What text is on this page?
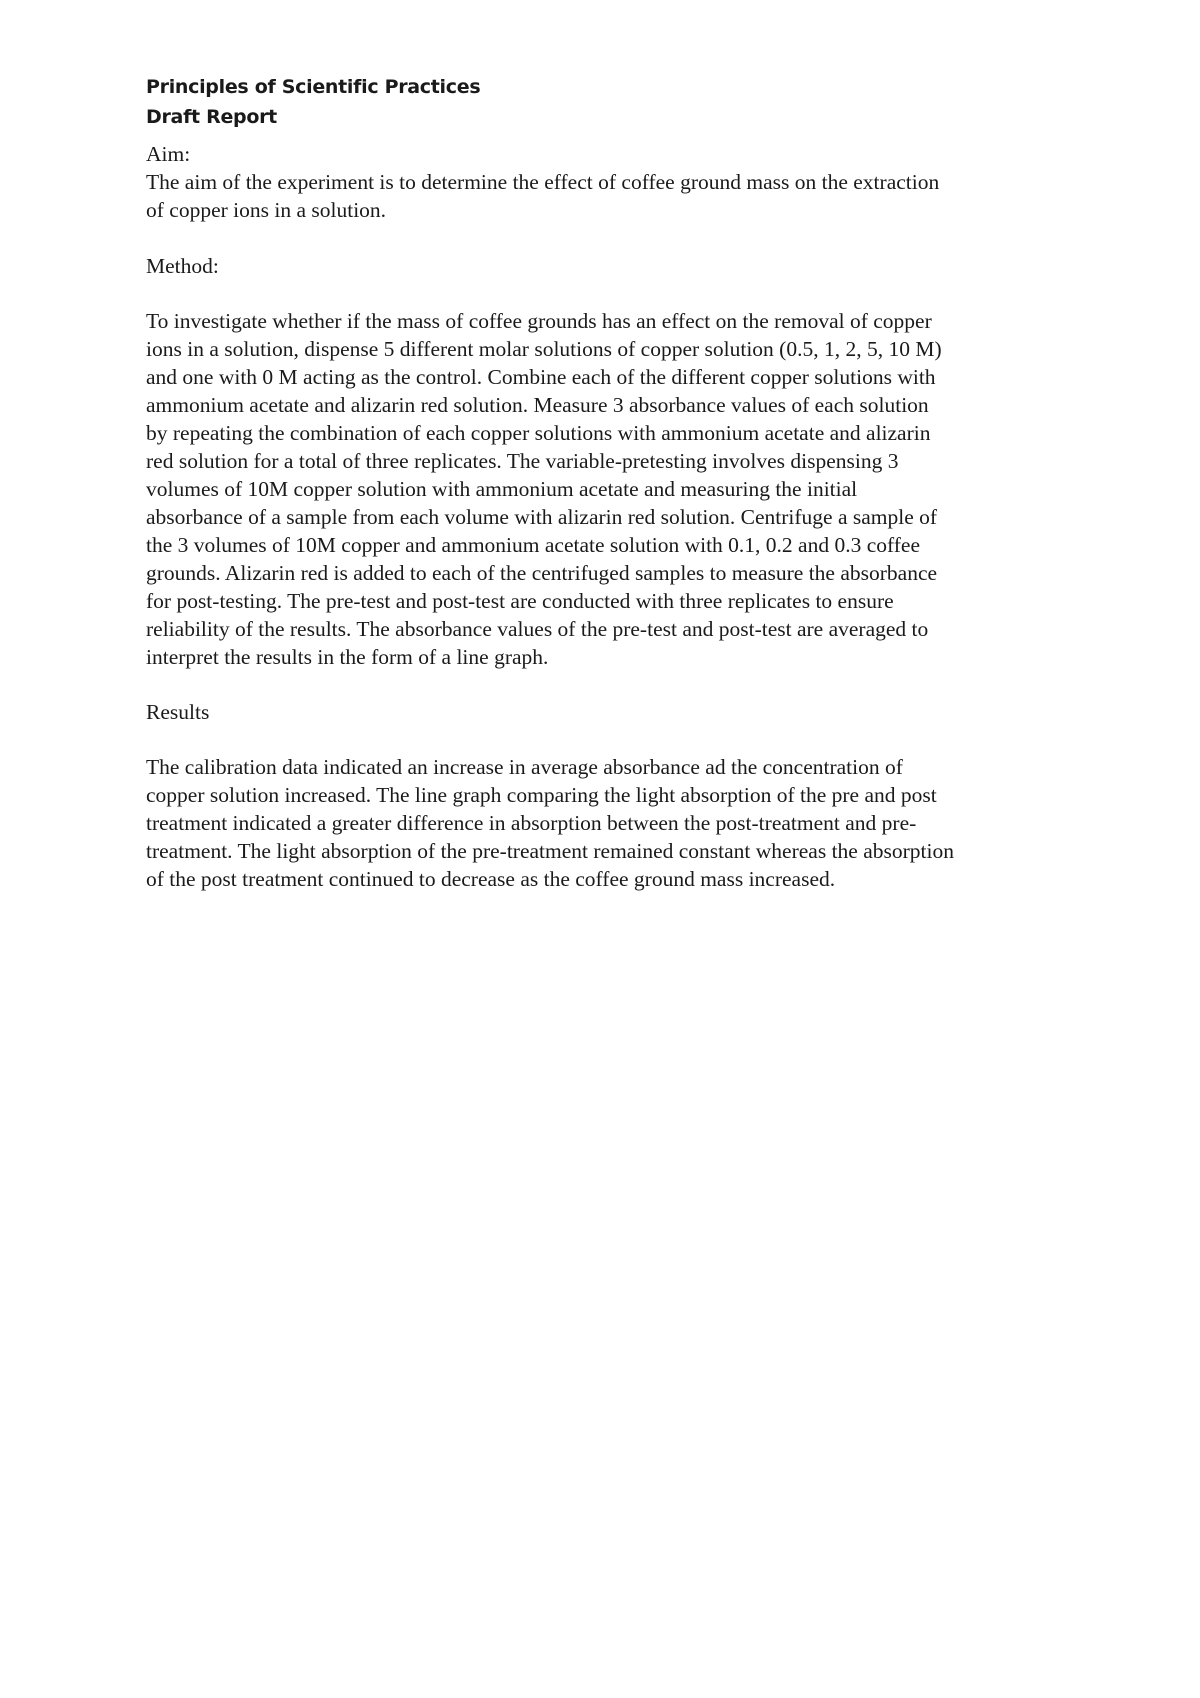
Principles of Scientific Practices

Draft Report

Aim:

The aim of the experiment is to determine the effect of coffee ground mass on the extraction
of copper ions in a solution.

Method:

To investigate whether if the mass of coffee grounds has an effect on the removal of copper
ions in a solution, dispense 5 different molar solutions of copper solution (0.5, 1, 2, 5, 10 M)
and one with 0 M acting as the control. Combine each of the different copper solutions with
ammonium acetate and alizarin red solution. Measure 3 absorbance values of each solution
by repeating the combination of each copper solutions with ammonium acetate and alizarin
red solution for a total of three replicates. The variable-pretesting involves dispensing 3
volumes of 10M copper solution with ammonium acetate and measuring the initial
absorbance of a sample from each volume with alizarin red solution. Centrifuge a sample of
the 3 volumes of 10M copper and ammonium acetate solution with 0.1, 0.2 and 0.3 coffee
grounds. Alizarin red is added to each of the centrifuged samples to measure the absorbance
for post-testing. The pre-test and post-test are conducted with three replicates to ensure
reliability of the results. The absorbance values of the pre-test and post-test are averaged to
interpret the results in the form of a line graph.

Results

The calibration data indicated an increase in average absorbance ad the concentration of
copper solution increased. The line graph comparing the light absorption of the pre and post
treatment indicated a greater difference in absorption between the post-treatment and pre-
treatment. The light absorption of the pre-treatment remained constant whereas the absorption
of the post treatment continued to decrease as the coffee ground mass increased.
